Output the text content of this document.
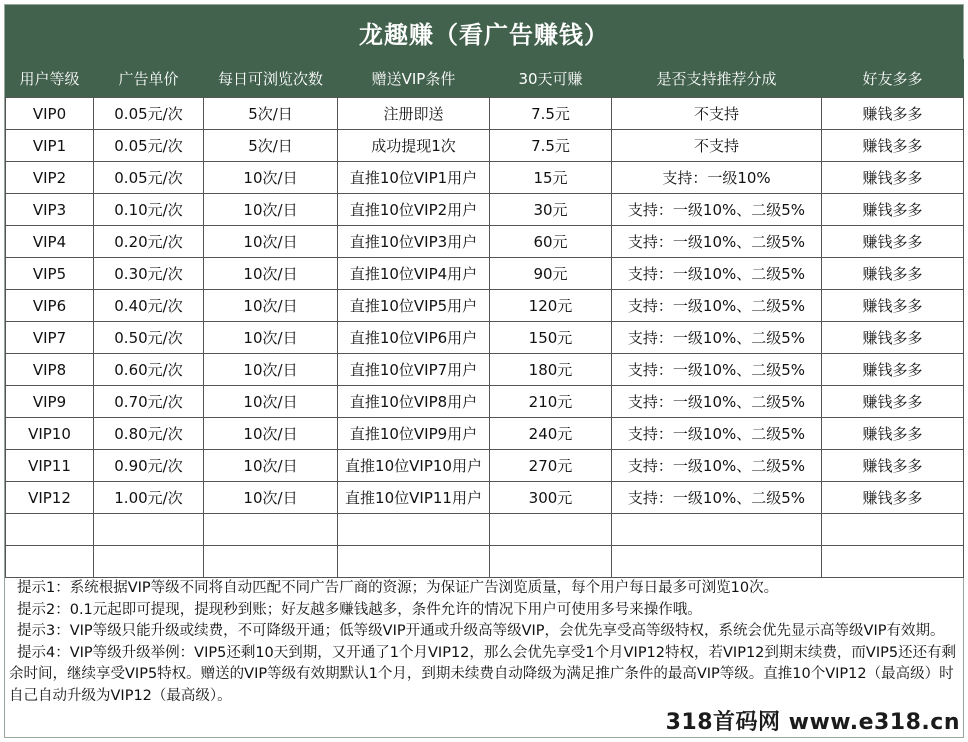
龙趣赚（看广告赚钱）
用户等级	广告单价	每日可浏览次数	赠送VIP条件	30天可赚	是否支持推荐分成	好友多多
VIP0	0.05元/次	5次/日	注册即送	7.5元	不支持	赚钱多多
VIP1	0.05元/次	5次/日	成功提现1次	7.5元	不支持	赚钱多多
VIP2	0.05元/次	10次/日	直推10位VIP1用户	15元	支持：一级10%	赚钱多多
VIP3	0.10元/次	10次/日	直推10位VIP2用户	30元	支持：一级10%、二级5%	赚钱多多
VIP4	0.20元/次	10次/日	直推10位VIP3用户	60元	支持：一级10%、二级5%	赚钱多多
VIP5	0.30元/次	10次/日	直推10位VIP4用户	90元	支持：一级10%、二级5%	赚钱多多
VIP6	0.40元/次	10次/日	直推10位VIP5用户	120元	支持：一级10%、二级5%	赚钱多多
VIP7	0.50元/次	10次/日	直推10位VIP6用户	150元	支持：一级10%、二级5%	赚钱多多
VIP8	0.60元/次	10次/日	直推10位VIP7用户	180元	支持：一级10%、二级5%	赚钱多多
VIP9	0.70元/次	10次/日	直推10位VIP8用户	210元	支持：一级10%、二级5%	赚钱多多
VIP10	0.80元/次	10次/日	直推10位VIP9用户	240元	支持：一级10%、二级5%	赚钱多多
VIP11	0.90元/次	10次/日	直推10位VIP10用户	270元	支持：一级10%、二级5%	赚钱多多
VIP12	1.00元/次	10次/日	直推10位VIP11用户	300元	支持：一级10%、二级5%	赚钱多多

提示1：系统根据VIP等级不同将自动匹配不同广告厂商的资源；为保证广告浏览质量，每个用户每日最多可浏览10次。

提示2：0.1元起即可提现，提现秒到账；好友越多赚钱越多，条件允许的情况下用户可使用多号来操作哦。

提示3：VIP等级只能升级或续费，不可降级开通；低等级VIP开通或升级高等级VIP，会优先享受高等级特权，系统会优先显示高等级VIP有效期。

提示4：VIP等级升级举例：VIP5还剩10天到期，又开通了1个月VIP12，那么会优先享受1个月VIP12特权，若VIP12到期末续费，而VIP5还还有剩余时间，继续享受VIP5特权。赠送的VIP等级有效期默认1个月，到期未续费自动降级为满足推广条件的最高VIP等级。直推10个VIP12（最高级）时自己自动升级为VIP12（最高级）。

318首码网 www.e318.cn
